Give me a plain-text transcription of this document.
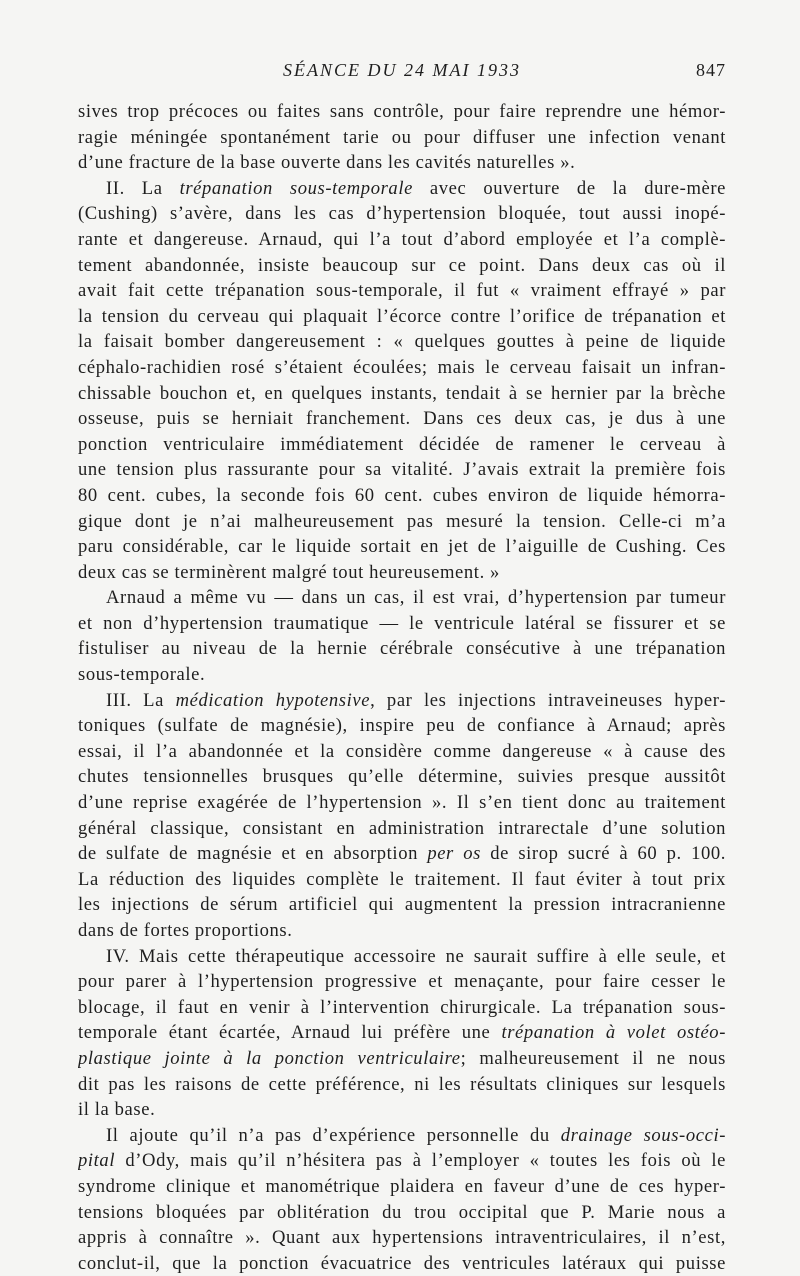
SÉANCE DU 24 MAI 1933	847
sives trop précoces ou faites sans contrôle, pour faire reprendre une hémor-
ragie méningée spontanément tarie ou pour diffuser une infection venant
d’une fracture de la base ouverte dans les cavités naturelles ».
II. La trépanation sous-temporale avec ouverture de la dure-mère
(Cushing) s’avère, dans les cas d’hypertension bloquée, tout aussi inopé-
rante et dangereuse. Arnaud, qui l’a tout d’abord employée et l’a complè-
tement abandonnée, insiste beaucoup sur ce point. Dans deux cas où il
avait fait cette trépanation sous-temporale, il fut « vraiment effrayé » par
la tension du cerveau qui plaquait l’écorce contre l’orifice de trépanation et
la faisait bomber dangereusement : « quelques gouttes à peine de liquide
céphalo-rachidien rosé s’étaient écoulées; mais le cerveau faisait un infran-
chissable bouchon et, en quelques instants, tendait à se hernier par la brèche
osseuse, puis se herniait franchement. Dans ces deux cas, je dus à une
ponction ventriculaire immédiatement décidée de ramener le cerveau à
une tension plus rassurante pour sa vitalité. J’avais extrait la première fois
80 cent. cubes, la seconde fois 60 cent. cubes environ de liquide hémorra-
gique dont je n’ai malheureusement pas mesuré la tension. Celle-ci m’a
paru considérable, car le liquide sortait en jet de l’aiguille de Cushing. Ces
deux cas se terminèrent malgré tout heureusement. »
Arnaud a même vu — dans un cas, il est vrai, d’hypertension par tumeur
et non d’hypertension traumatique — le ventricule latéral se fissurer et se
fistuliser au niveau de la hernie cérébrale consécutive à une trépanation
sous-temporale.
III. La médication hypotensive, par les injections intraveineuses hyper-
toniques (sulfate de magnésie), inspire peu de confiance à Arnaud; après
essai, il l’a abandonnée et la considère comme dangereuse « à cause des
chutes tensionnelles brusques qu’elle détermine, suivies presque aussitôt
d’une reprise exagérée de l’hypertension ». Il s’en tient donc au traitement
général classique, consistant en administration intrarectale d’une solution
de sulfate de magnésie et en absorption per os de sirop sucré à 60 p. 100.
La réduction des liquides complète le traitement. Il faut éviter à tout prix
les injections de sérum artificiel qui augmentent la pression intracranienne
dans de fortes proportions.
IV. Mais cette thérapeutique accessoire ne saurait suffire à elle seule, et
pour parer à l’hypertension progressive et menaçante, pour faire cesser le
blocage, il faut en venir à l’intervention chirurgicale. La trépanation sous-
temporale étant écartée, Arnaud lui préfère une trépanation à volet ostéo-
plastique jointe à la ponction ventriculaire; malheureusement il ne nous
dit pas les raisons de cette préférence, ni les résultats cliniques sur lesquels
il la base.
Il ajoute qu’il n’a pas d’expérience personnelle du drainage sous-occi-
pital d’Ody, mais qu’il n’hésitera pas à l’employer « toutes les fois où le
syndrome clinique et manométrique plaidera en faveur d’une de ces hyper-
tensions bloquées par oblitération du trou occipital que P. Marie nous a
appris à connaître ». Quant aux hypertensions intraventriculaires, il n’est,
conclut-il, que la ponction évacuatrice des ventricules latéraux qui puisse
